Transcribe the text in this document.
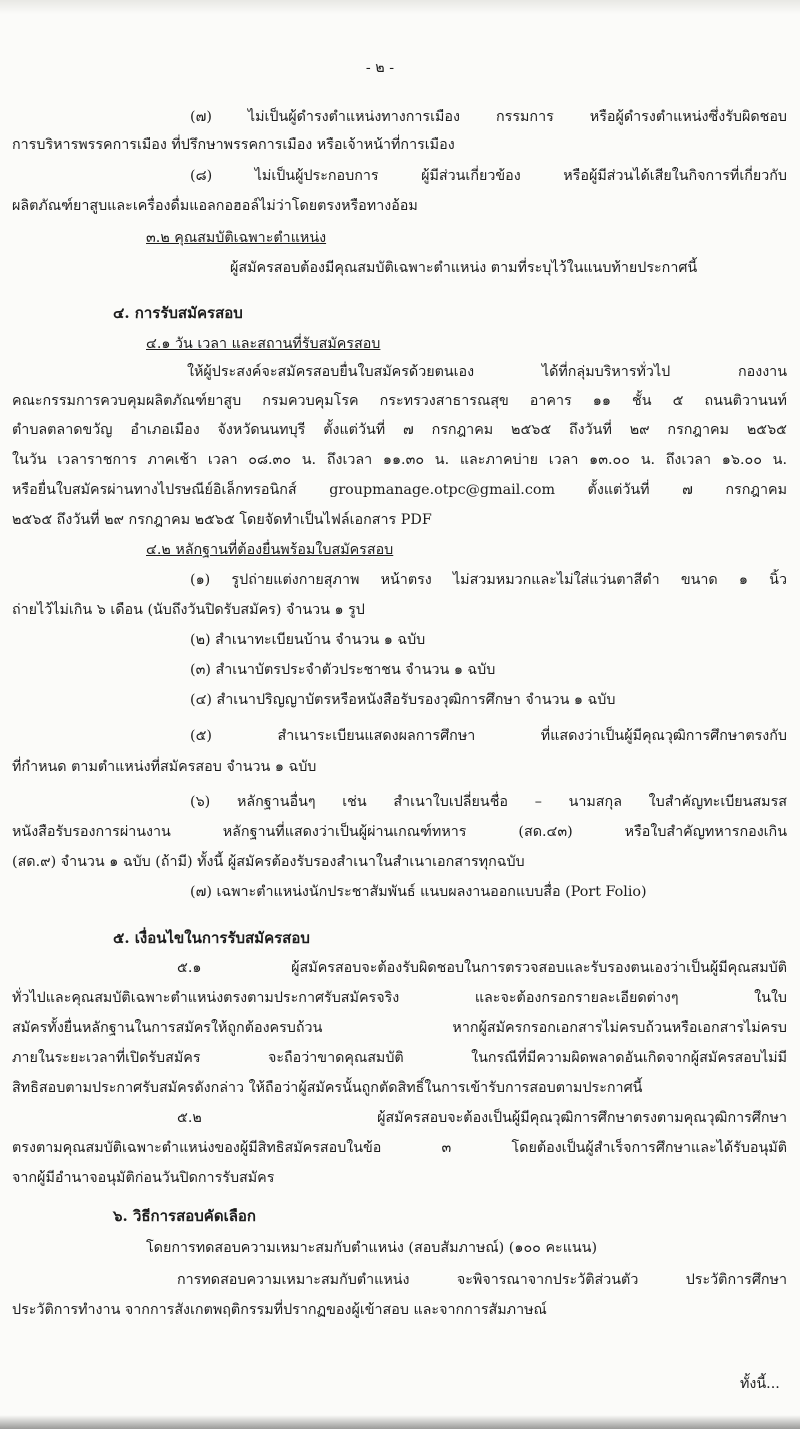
- ๒ -
(๗) ไม่เป็นผู้ดำรงตำแหน่งทางการเมือง กรรมการ หรือผู้ดำรงตำแหน่งซึ่งรับผิดชอบ
การบริหารพรรคการเมือง ที่ปรึกษาพรรคการเมือง หรือเจ้าหน้าที่การเมือง
(๘) ไม่เป็นผู้ประกอบการ ผู้มีส่วนเกี่ยวข้อง หรือผู้มีส่วนได้เสียในกิจการที่เกี่ยวกับ
ผลิตภัณฑ์ยาสูบและเครื่องดื่มแอลกอฮอล์ไม่ว่าโดยตรงหรือทางอ้อม
๓.๒ คุณสมบัติเฉพาะตำแหน่ง
ผู้สมัครสอบต้องมีคุณสมบัติเฉพาะตำแหน่ง ตามที่ระบุไว้ในแนบท้ายประกาศนี้
๔. การรับสมัครสอบ
๔.๑ วัน เวลา และสถานที่รับสมัครสอบ
ให้ผู้ประสงค์จะสมัครสอบยื่นใบสมัครด้วยตนเอง ได้ที่กลุ่มบริหารทั่วไป กองงาน
คณะกรรมการควบคุมผลิตภัณฑ์ยาสูบ กรมควบคุมโรค กระทรวงสาธารณสุข อาคาร ๑๑ ชั้น ๕ ถนนติวานนท์
ตำบลตลาดขวัญ อำเภอเมือง จังหวัดนนทบุรี ตั้งแต่วันที่ ๗ กรกฎาคม ๒๕๖๕ ถึงวันที่ ๒๙ กรกฎาคม ๒๕๖๕
ในวัน เวลาราชการ ภาคเช้า เวลา ๐๘.๓๐ น. ถึงเวลา ๑๑.๓๐ น. และภาคบ่าย เวลา ๑๓.๐๐ น. ถึงเวลา ๑๖.๐๐ น.
หรือยื่นใบสมัครผ่านทางไปรษณีย์อิเล็กทรอนิกส์ groupmanage.otpc@gmail.com ตั้งแต่วันที่ ๗ กรกฎาคม
๒๕๖๕ ถึงวันที่ ๒๙ กรกฎาคม ๒๕๖๕ โดยจัดทำเป็นไฟล์เอกสาร PDF
๔.๒ หลักฐานที่ต้องยื่นพร้อมใบสมัครสอบ
(๑) รูปถ่ายแต่งกายสุภาพ หน้าตรง ไม่สวมหมวกและไม่ใส่แว่นตาสีดำ ขนาด ๑ นิ้ว
ถ่ายไว้ไม่เกิน ๖ เดือน (นับถึงวันปิดรับสมัคร) จำนวน ๑ รูป
(๒) สำเนาทะเบียนบ้าน จำนวน ๑ ฉบับ
(๓) สำเนาบัตรประจำตัวประชาชน จำนวน ๑ ฉบับ
(๔) สำเนาปริญญาบัตรหรือหนังสือรับรองวุฒิการศึกษา จำนวน ๑ ฉบับ
(๕) สำเนาระเบียนแสดงผลการศึกษา ที่แสดงว่าเป็นผู้มีคุณวุฒิการศึกษาตรงกับ
ที่กำหนด ตามตำแหน่งที่สมัครสอบ จำนวน ๑ ฉบับ
(๖) หลักฐานอื่นๆ เช่น สำเนาใบเปลี่ยนชื่อ – นามสกุล ใบสำคัญทะเบียนสมรส
หนังสือรับรองการผ่านงาน หลักฐานที่แสดงว่าเป็นผู้ผ่านเกณฑ์ทหาร (สด.๔๓) หรือใบสำคัญทหารกองเกิน
(สด.๙) จำนวน ๑ ฉบับ (ถ้ามี) ทั้งนี้ ผู้สมัครต้องรับรองสำเนาในสำเนาเอกสารทุกฉบับ
(๗) เฉพาะตำแหน่งนักประชาสัมพันธ์ แนบผลงานออกแบบสื่อ (Port Folio)
๕. เงื่อนไขในการรับสมัครสอบ
๕.๑ ผู้สมัครสอบจะต้องรับผิดชอบในการตรวจสอบและรับรองตนเองว่าเป็นผู้มีคุณสมบัติ
ทั่วไปและคุณสมบัติเฉพาะตำแหน่งตรงตามประกาศรับสมัครจริง และจะต้องกรอกรายละเอียดต่างๆ ในใบ
สมัครทั้งยื่นหลักฐานในการสมัครให้ถูกต้องครบถ้วน หากผู้สมัครกรอกเอกสารไม่ครบถ้วนหรือเอกสารไม่ครบ
ภายในระยะเวลาที่เปิดรับสมัคร จะถือว่าขาดคุณสมบัติ ในกรณีที่มีความผิดพลาดอันเกิดจากผู้สมัครสอบไม่มี
สิทธิสอบตามประกาศรับสมัครดังกล่าว ให้ถือว่าผู้สมัครนั้นถูกตัดสิทธิ์ในการเข้ารับการสอบตามประกาศนี้
๕.๒ ผู้สมัครสอบจะต้องเป็นผู้มีคุณวุฒิการศึกษาตรงตามคุณวุฒิการศึกษา
ตรงตามคุณสมบัติเฉพาะตำแหน่งของผู้มีสิทธิสมัครสอบในข้อ ๓ โดยต้องเป็นผู้สำเร็จการศึกษาและได้รับอนุมัติ
จากผู้มีอำนาจอนุมัติก่อนวันปิดการรับสมัคร
๖. วิธีการสอบคัดเลือก
โดยการทดสอบความเหมาะสมกับตำแหน่ง (สอบสัมภาษณ์) (๑๐๐ คะแนน)
การทดสอบความเหมาะสมกับตำแหน่ง จะพิจารณาจากประวัติส่วนตัว ประวัติการศึกษา
ประวัติการทำงาน จากการสังเกตพฤติกรรมที่ปรากฏของผู้เข้าสอบ และจากการสัมภาษณ์
ทั้งนี้...
